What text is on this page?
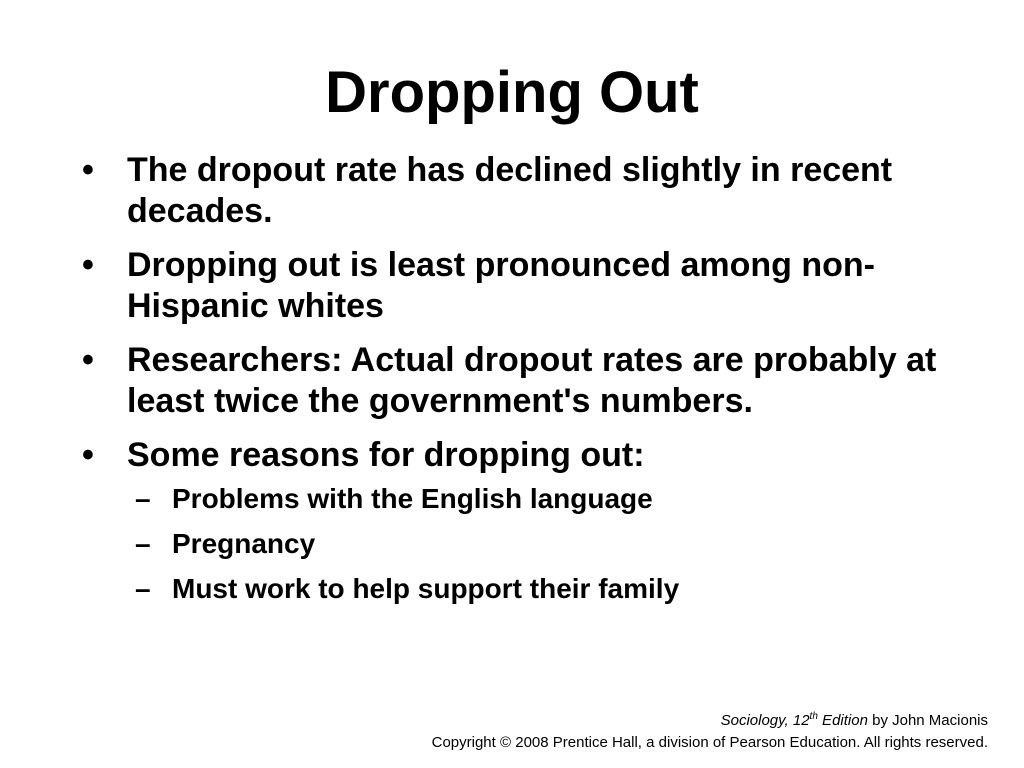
Dropping Out
• The dropout rate has declined slightly in recent decades.
• Dropping out is least pronounced among non-Hispanic whites
• Researchers: Actual dropout rates are probably at least twice the government's numbers.
• Some reasons for dropping out:
– Problems with the English language
– Pregnancy
– Must work to help support their family
Sociology, 12th Edition by John Macionis
Copyright © 2008 Prentice Hall, a division of Pearson Education. All rights reserved.
